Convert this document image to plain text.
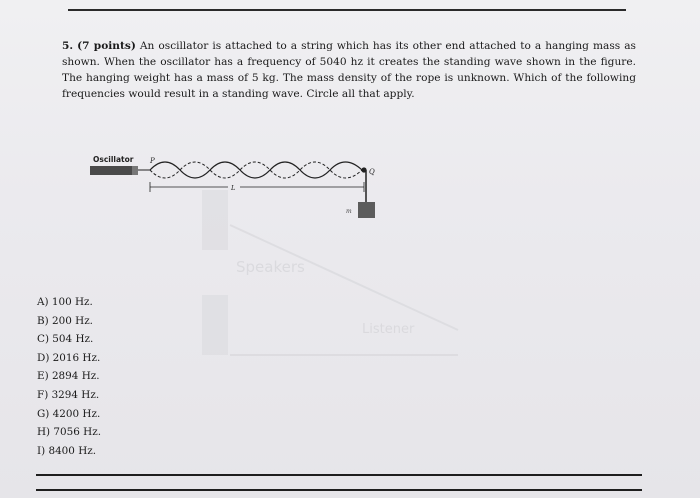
5. (7 points) An oscillator is attached to a string which has its other end attached to a hanging mass as shown. When the oscillator has a frequency of 5040 hz it creates the standing wave shown in the figure. The hanging weight has a mass of 5 kg. The mass density of the rope is unknown. Which of the following frequencies would result in a standing wave. Circle all that apply.
Speakers
Listener
Oscillator P
Q
m
L
A) 100 Hz.
B) 200 Hz.
C) 504 Hz.
D) 2016 Hz.
E) 2894 Hz.
F) 3294 Hz.
G) 4200 Hz.
H) 7056 Hz.
I) 8400 Hz.
